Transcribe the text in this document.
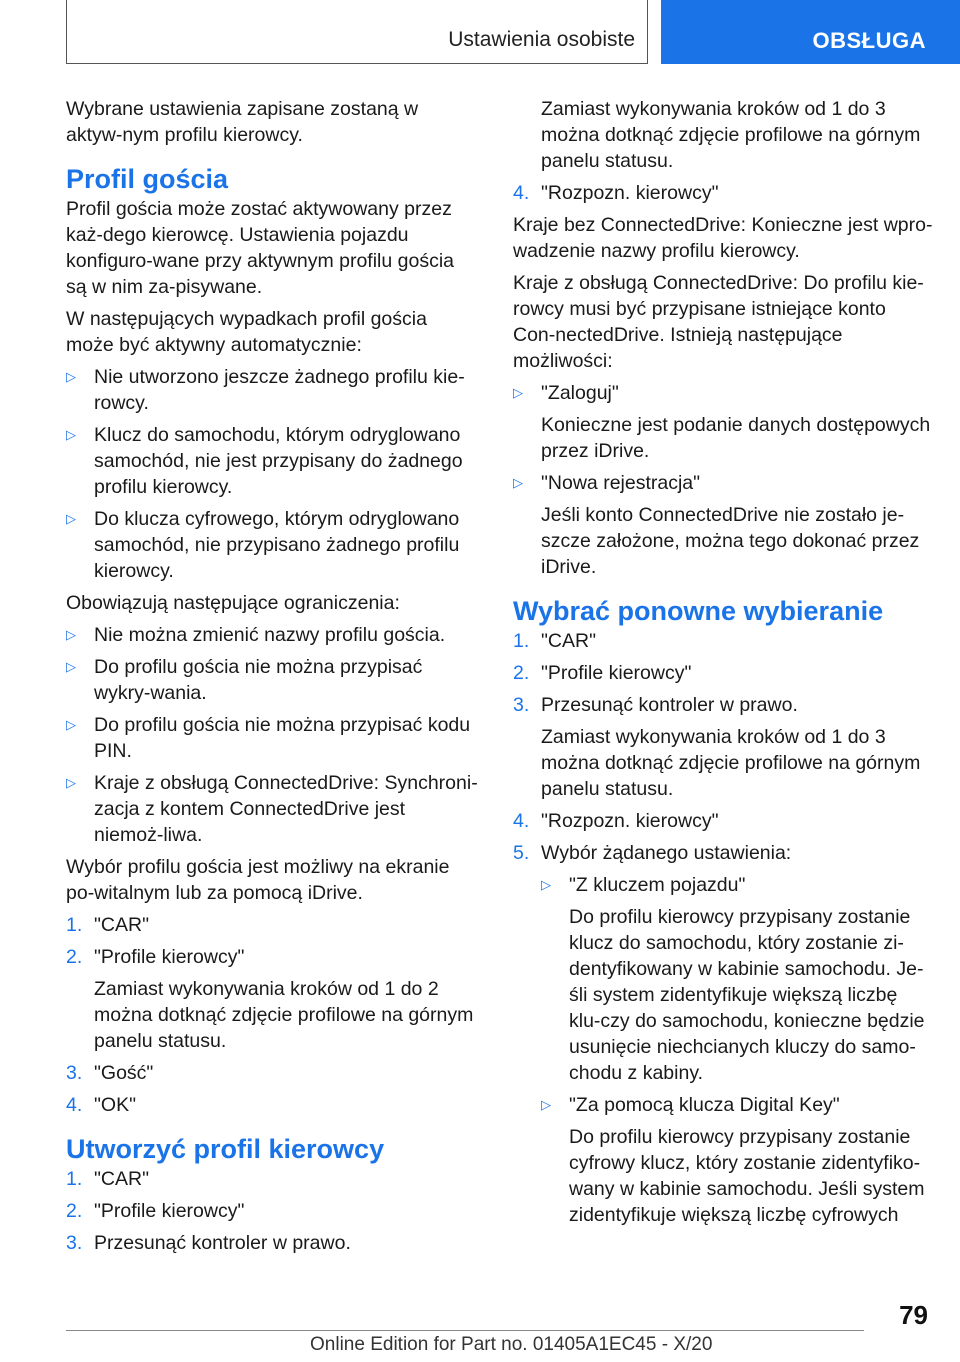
Ustawienia osobiste	OBSŁUGA

Wybrane ustawienia zapisane zostaną w aktyw‐nym profilu kierowcy.

Profil gościa

Profil gościa może zostać aktywowany przez każ‐dego kierowcę. Ustawienia pojazdu konfiguro‐wane przy aktywnym profilu gościa są w nim za‐pisywane.

W następujących wypadkach profil gościa może być aktywny automatycznie:

▷ Nie utworzono jeszcze żadnego profilu kie‐rowcy.
▷ Klucz do samochodu, którym odryglowano samochód, nie jest przypisany do żadnego profilu kierowcy.
▷ Do klucza cyfrowego, którym odryglowano samochód, nie przypisano żadnego profilu kierowcy.

Obowiązują następujące ograniczenia:

▷ Nie można zmienić nazwy profilu gościa.
▷ Do profilu gościa nie można przypisać wykry‐wania.
▷ Do profilu gościa nie można przypisać kodu PIN.
▷ Kraje z obsługą ConnectedDrive: Synchroni‐zacja z kontem ConnectedDrive jest niemoż‐liwa.

Wybór profilu gościa jest możliwy na ekranie po‐witalnym lub za pomocą iDrive.

1. "CAR"
2. "Profile kierowcy"
Zamiast wykonywania kroków od 1 do 2 można dotknąć zdjęcie profilowe na górnym panelu statusu.
3. "Gość"
4. "OK"
Utworzyć profil kierowcy
1. "CAR"
2. "Profile kierowcy"
3. Przesunąć kontroler w prawo.
Zamiast wykonywania kroków od 1 do 3 można dotknąć zdjęcie profilowe na górnym panelu statusu.
4. "Rozpozn. kierowcy"

Kraje bez ConnectedDrive: Konieczne jest wpro‐wadzenie nazwy profilu kierowcy.

Kraje z obsługą ConnectedDrive: Do profilu kie‐rowcy musi być przypisane istniejące konto Con‐nectedDrive. Istnieją następujące możliwości:

▷ "Zaloguj"
Konieczne jest podanie danych dostępowych przez iDrive.
▷ "Nowa rejestracja"
Jeśli konto ConnectedDrive nie zostało je‐szcze założone, można tego dokonać przez iDrive.
Wybrać ponowne wybieranie
1. "CAR"
2. "Profile kierowcy"
3. Przesunąć kontroler w prawo.
Zamiast wykonywania kroków od 1 do 3 można dotknąć zdjęcie profilowe na górnym panelu statusu.
4. "Rozpozn. kierowcy"
5. Wybór żądanego ustawienia:
▷ "Z kluczem pojazdu"
Do profilu kierowcy przypisany zostanie klucz do samochodu, który zostanie zi‐dentyfikowany w kabinie samochodu. Je‐śli system zidentyfikuje większą liczbę klu‐czy do samochodu, konieczne będzie usunięcie niechcianych kluczy do samo‐chodu z kabiny.
▷ "Za pomocą klucza Digital Key"
Do profilu kierowcy przypisany zostanie cyfrowy klucz, który zostanie zidentyfiko‐wany w kabinie samochodu. Jeśli system zidentyfikuje większą liczbę cyfrowych
79
Online Edition for Part no. 01405A1EC45 - X/20
